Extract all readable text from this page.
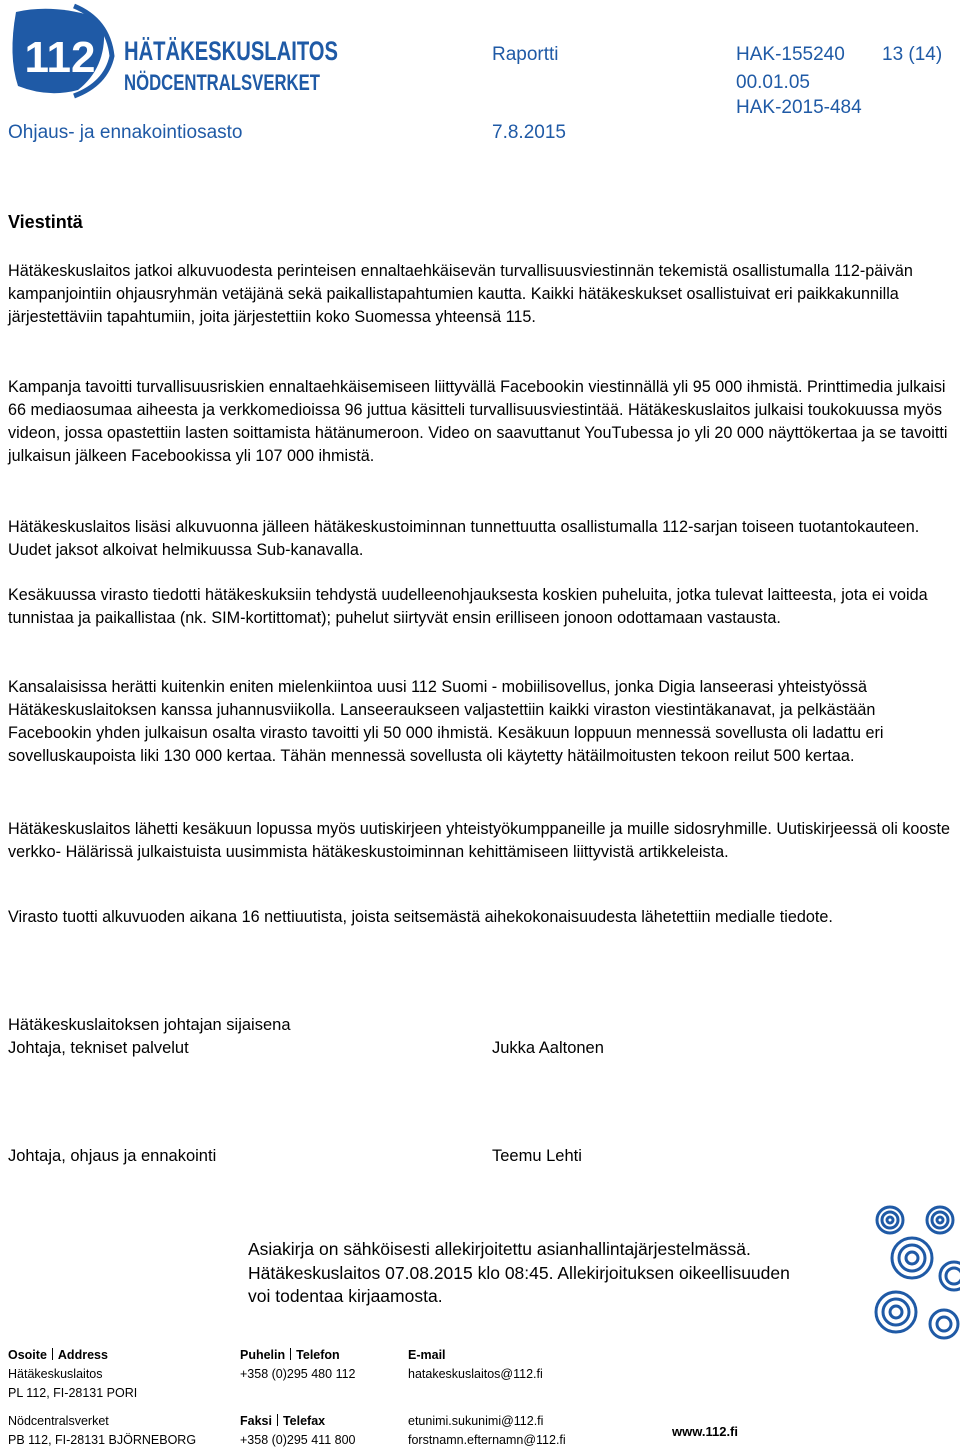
112 HÄTÄKESKUSLAITOS
NÖDCENTRALSVERKET
Raportti	HAK-155240 13 (14)
00.01.05
HAK-2015-484
Ohjaus- ja ennakointiosasto	7.8.2015
Viestintä

Hätäkeskuslaitos jatkoi alkuvuodesta perinteisen ennaltaehkäisevän turvallisuusviestinnän tekemistä osallistumalla 112-päivän kampanjointiin ohjausryhmän vetäjänä sekä paikallistapahtumien kautta. Kaikki hätäkeskukset osallistuivat eri paikkakunnilla järjestettäviin tapahtumiin, joita järjestettiin koko Suomessa yhteensä 115.

Kampanja tavoitti turvallisuusriskien ennaltaehkäisemiseen liittyvällä Facebookin viestinnällä yli 95 000 ihmistä. Printtimedia julkaisi 66 mediaosumaa aiheesta ja verkkomedioissa 96 juttua käsitteli turvallisuusviestintää. Hätäkeskuslaitos julkaisi toukokuussa myös videon, jossa opastettiin lasten soittamista hätänumeroon. Video on saavuttanut YouTubessa jo yli 20 000 näyttökertaa ja se tavoitti julkaisun jälkeen Facebookissa yli 107 000 ihmistä.

Hätäkeskuslaitos lisäsi alkuvuonna jälleen hätäkeskustoiminnan tunnettuutta osallistumalla 112-sarjan toiseen tuotantokauteen. Uudet jaksot alkoivat helmikuussa Sub-kanavalla.

Kesäkuussa virasto tiedotti hätäkeskuksiin tehdystä uudelleenohjauksesta koskien puheluita, jotka tulevat laitteesta, jota ei voida tunnistaa ja paikallistaa (nk. SIM-kortittomat); puhelut siirtyvät ensin erilliseen jonoon odottamaan vastausta.

Kansalaisissa herätti kuitenkin eniten mielenkiintoa uusi 112 Suomi - mobiilisovellus, jonka Digia lanseerasi yhteistyössä Hätäkeskuslaitoksen kanssa juhannusviikolla. Lanseeraukseen valjastettiin kaikki viraston viestintäkanavat, ja pelkästään Facebookin yhden julkaisun osalta virasto tavoitti yli 50 000 ihmistä. Kesäkuun loppuun mennessä sovellusta oli ladattu eri sovelluskaupoista liki 130 000 kertaa. Tähän mennessä sovellusta oli käytetty hätäilmoitusten tekoon reilut 500 kertaa.

Hätäkeskuslaitos lähetti kesäkuun lopussa myös uutiskirjeen yhteistyökumppaneille ja muille sidosryhmille. Uutiskirjeessä oli kooste verkko- Hälärissä julkaistuista uusimmista hätäkeskustoiminnan kehittämiseen liittyvistä artikkeleista.

Virasto tuotti alkuvuoden aikana 16 nettiuutista, joista seitsemästä aihekokonaisuudesta lähetettiin medialle tiedote.

Hätäkeskuslaitoksen johtajan sijaisena
Johtaja, tekniset palvelut	Jukka Aaltonen
Johtaja, ohjaus ja ennakointi	Teemu Lehti
Asiakirja on sähköisesti allekirjoitettu asianhallintajärjestelmässä.
Hätäkeskuslaitos 07.08.2015 klo 08:45. Allekirjoituksen oikeellisuuden
voi todentaa kirjaamosta.
Osoite Address
Hätäkeskuslaitos
PL 112, FI-28131 PORI
Nödcentralsverket
PB 112, FI-28131 BJÖRNEBORG
Puhelin Telefon
+358 (0)295 480 112

Faksi Telefax
+358 (0)295 411 800
E-mail
hatakeskuslaitos@112.fi

etunimi.sukunimi@112.fi
forstnamn.efternamn@112.fi
www.112.fi
